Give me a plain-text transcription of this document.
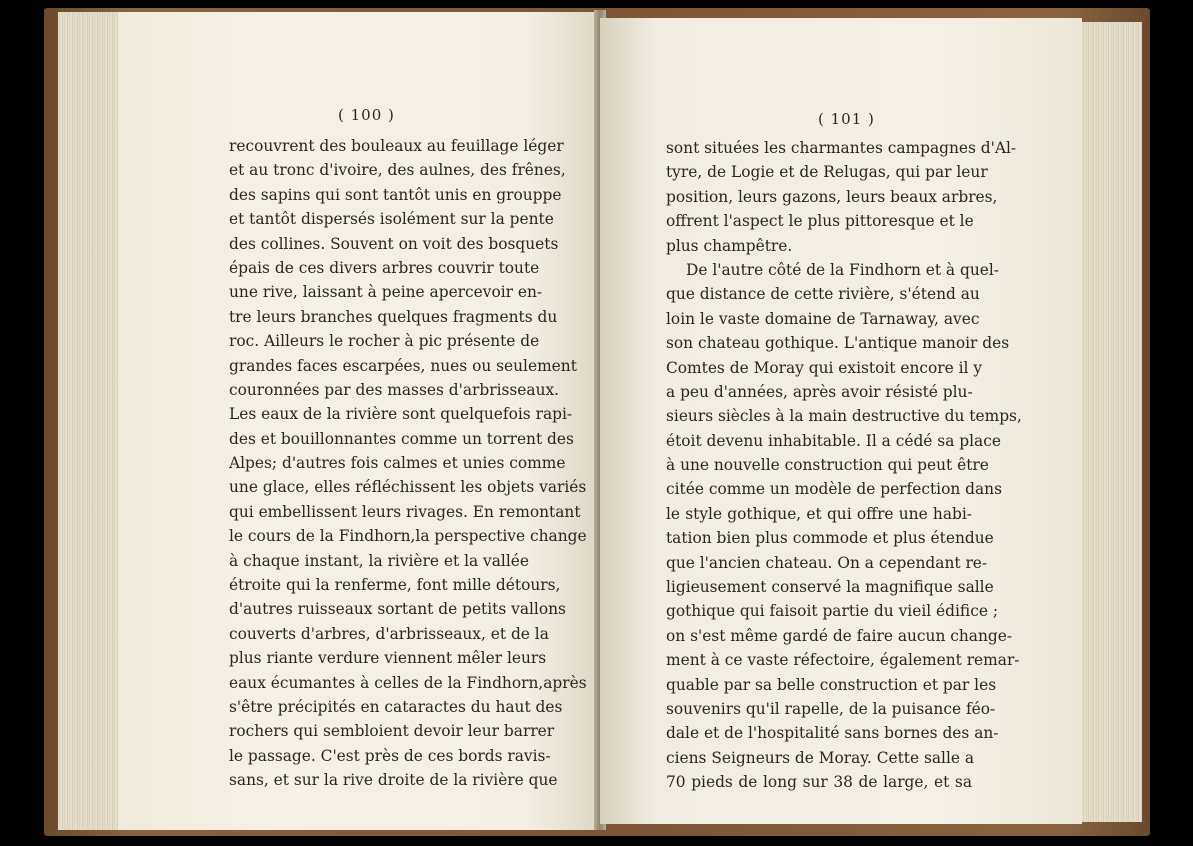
( 100 )
recouvrent des bouleaux au feuillage léger
et au tronc d'ivoire, des aulnes, des frênes,
des sapins qui sont tantôt unis en grouppe
et tantôt dispersés isolément sur la pente
des collines. Souvent on voit des bosquets
épais de ces divers arbres couvrir toute
une rive, laissant à peine apercevoir en-
tre leurs branches quelques fragments du
roc. Ailleurs le rocher à pic présente de
grandes faces escarpées, nues ou seulement
couronnées par des masses d'arbrisseaux.
Les eaux de la rivière sont quelquefois rapi-
des et bouillonnantes comme un torrent des
Alpes; d'autres fois calmes et unies comme
une glace, elles réfléchissent les objets variés
qui embellissent leurs rivages. En remontant
le cours de la Findhorn,la perspective change
à chaque instant, la rivière et la vallée
étroite qui la renferme, font mille détours,
d'autres ruisseaux sortant de petits vallons
couverts d'arbres, d'arbrisseaux, et de la
plus riante verdure viennent mêler leurs
eaux écumantes à celles de la Findhorn,après
s'être précipités en cataractes du haut des
rochers qui sembloient devoir leur barrer
le passage. C'est près de ces bords ravis-
sans, et sur la rive droite de la rivière que
( 101 )
sont situées les charmantes campagnes d'Al-
tyre, de Logie et de Relugas, qui par leur
position, leurs gazons, leurs beaux arbres,
offrent l'aspect le plus pittoresque et le
plus champêtre.
De l'autre côté de la Findhorn et à quel-
que distance de cette rivière, s'étend au
loin le vaste domaine de Tarnaway, avec
son chateau gothique. L'antique manoir des
Comtes de Moray qui existoit encore il y
a peu d'années, après avoir résisté plu-
sieurs siècles à la main destructive du temps,
étoit devenu inhabitable. Il a cédé sa place
à une nouvelle construction qui peut être
citée comme un modèle de perfection dans
le style gothique, et qui offre une habi-
tation bien plus commode et plus étendue
que l'ancien chateau. On a cependant re-
ligieusement conservé la magnifique salle
gothique qui faisoit partie du vieil édifice ;
on s'est même gardé de faire aucun change-
ment à ce vaste réfectoire, également remar-
quable par sa belle construction et par les
souvenirs qu'il rapelle, de la puisance féo-
dale et de l'hospitalité sans bornes des an-
ciens Seigneurs de Moray. Cette salle a
70 pieds de long sur 38 de large, et sa
